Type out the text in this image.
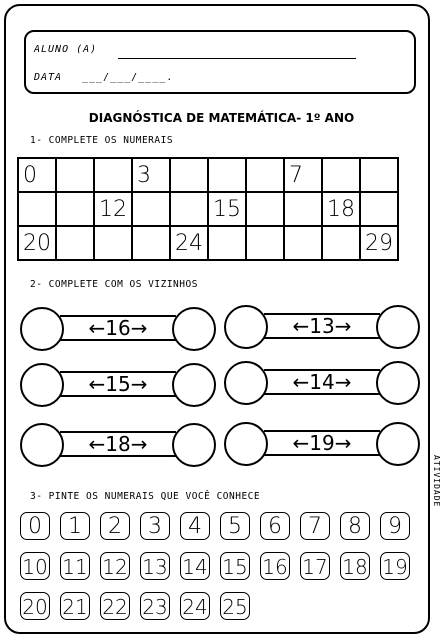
ALUNO (A)
DATA ___/___/____.
DIAGNÓSTICA DE MATEMÁTICA- 1º ANO
1- COMPLETE OS NUMERAIS
0			3				7		
		12			15			18	
20				24					29
2- COMPLETE COM OS VIZINHOS
←16→	←13→
←15→	←14→
←18→	←19→
ATIVIDADE
3- PINTE OS NUMERAIS QUE VOCÊ CONHECE
0	1	2	3	4	5	6	7	8	9
10 11 12 13 14 15 16 17 18 19
20 21 22 23 24 25
